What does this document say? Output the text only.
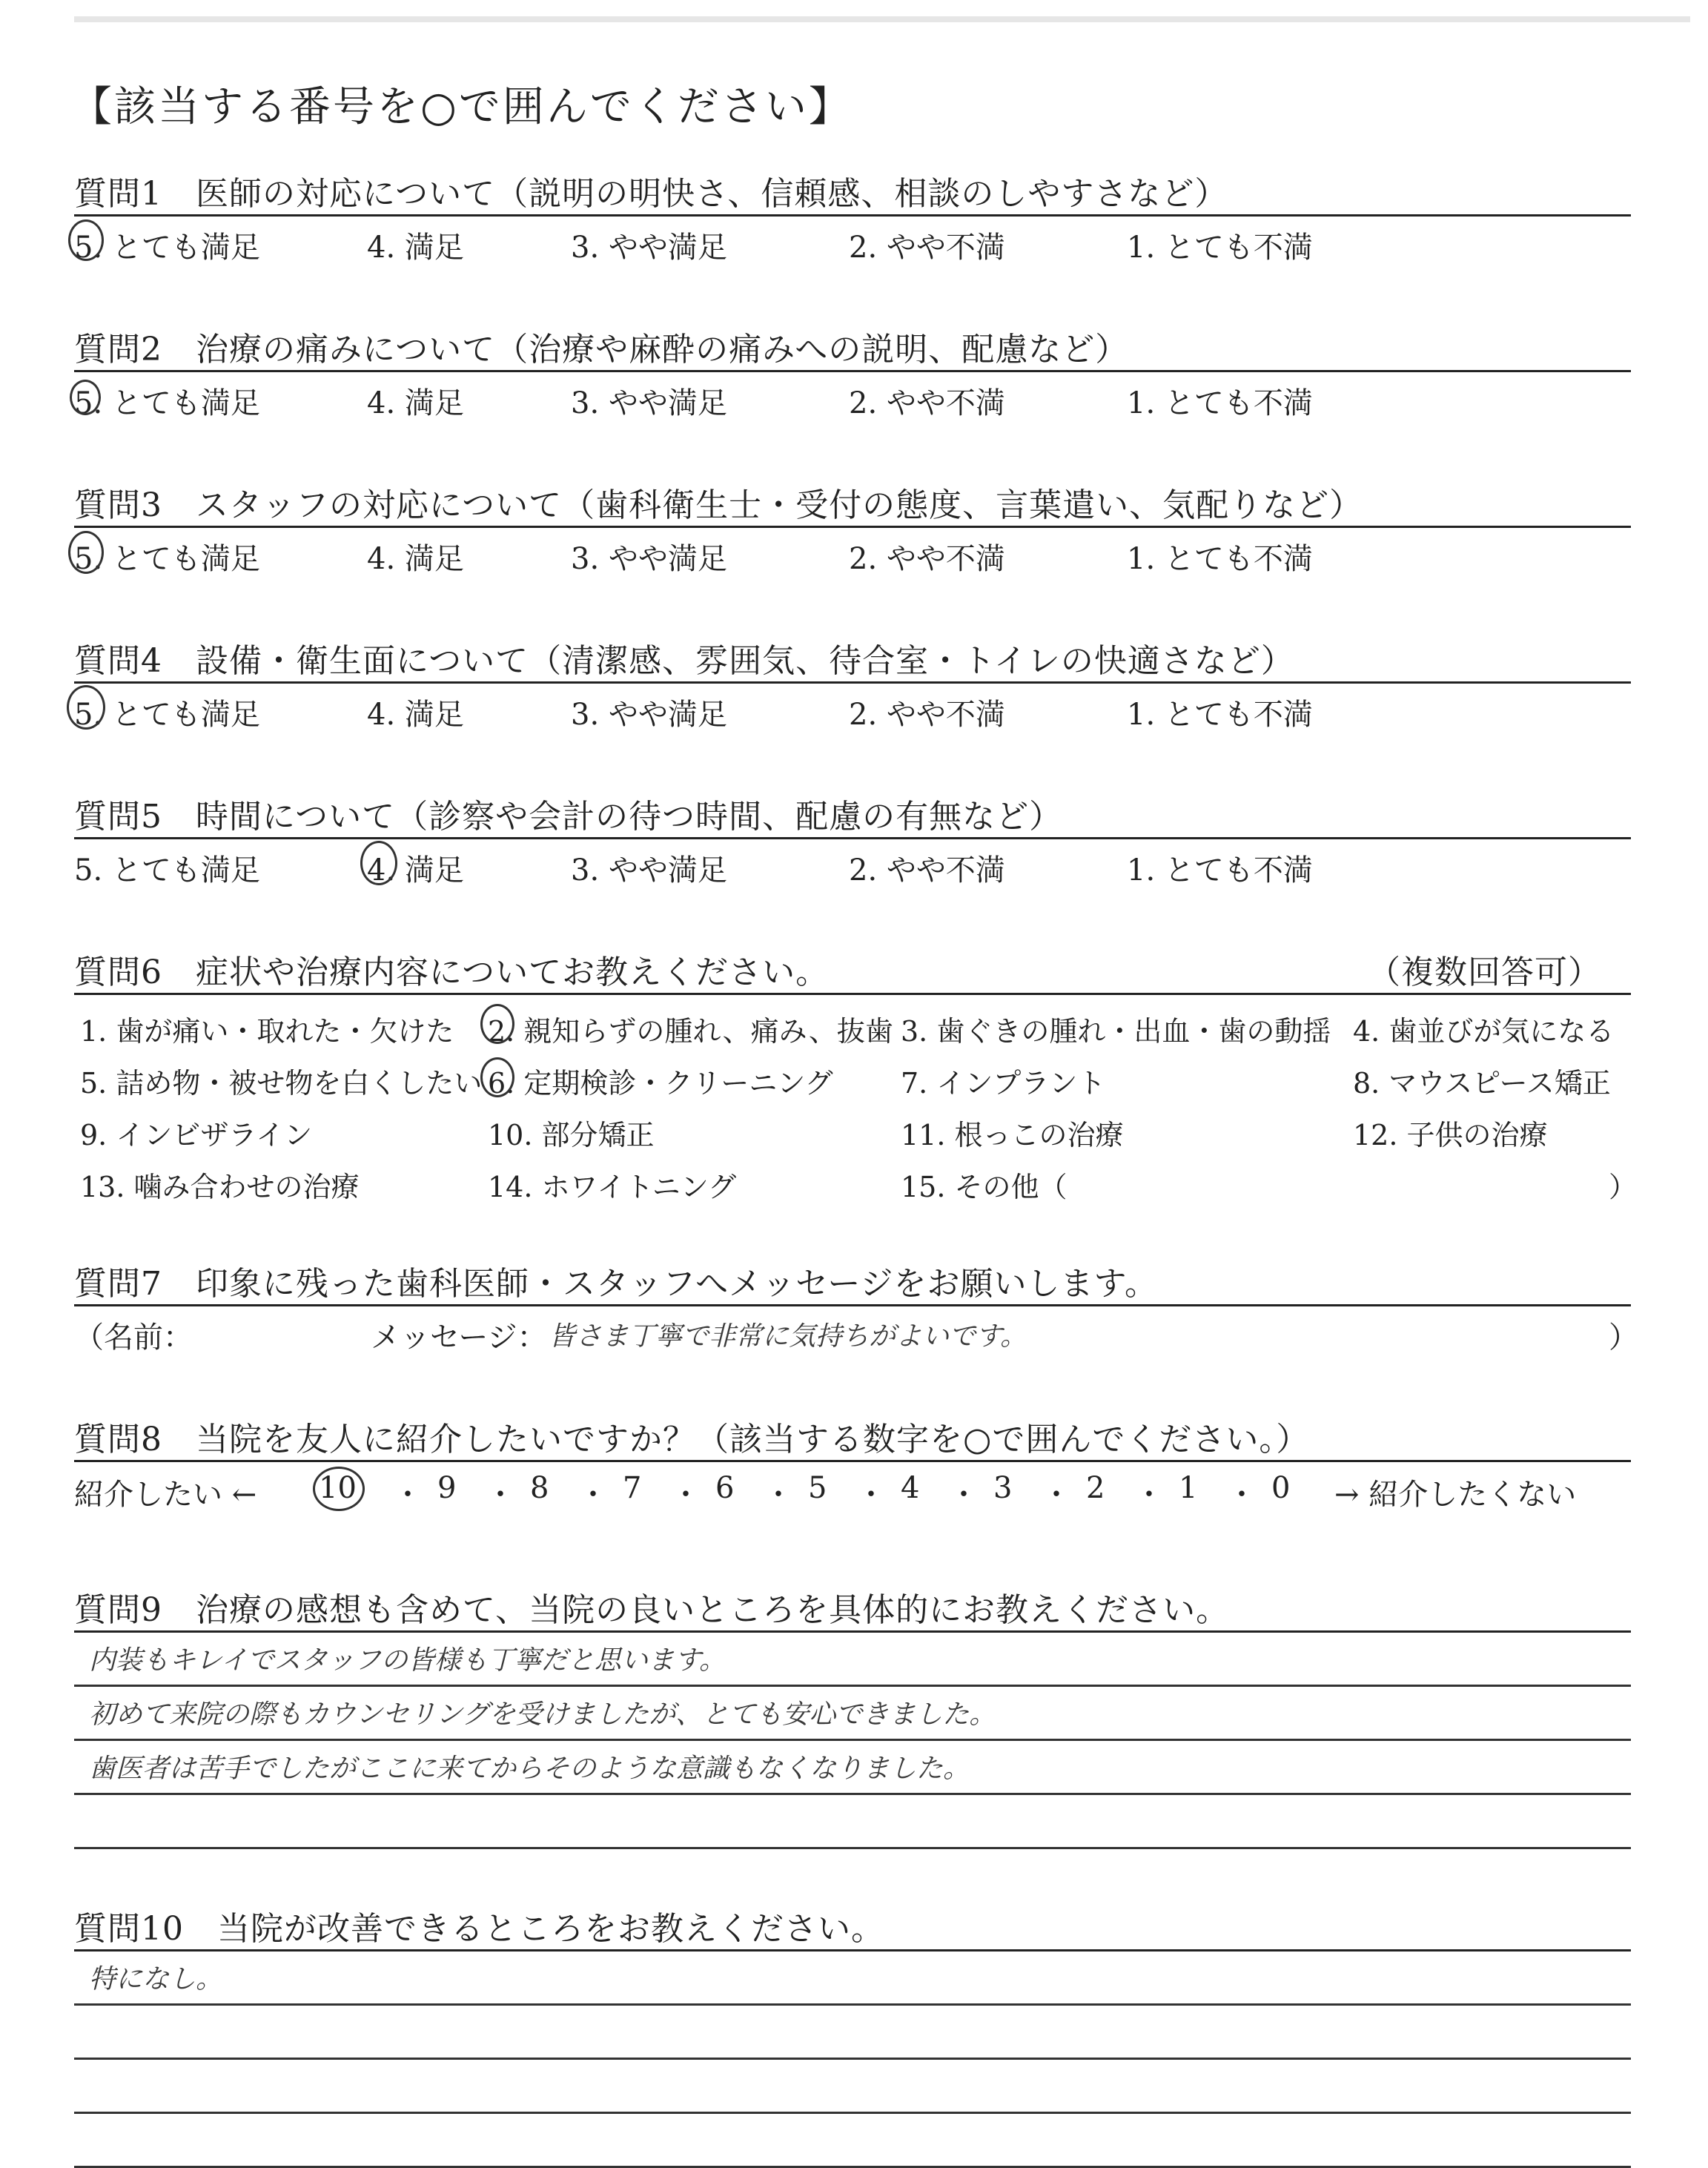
【該当する番号を○で囲んでください】
質問1　医師の対応について（説明の明快さ、信頼感、相談のしやすさなど）
5. とても満足	4. 満足	3. やや満足	2. やや不満	1. とても不満
質問2　治療の痛みについて（治療や麻酔の痛みへの説明、配慮など）
5. とても満足	4. 満足	3. やや満足	2. やや不満	1. とても不満
質問3　スタッフの対応について（歯科衛生士・受付の態度、言葉遣い、気配りなど）
5. とても満足	4. 満足	3. やや満足	2. やや不満	1. とても不満
質問4　設備・衛生面について（清潔感、雰囲気、待合室・トイレの快適さなど）
5. とても満足	4. 満足	3. やや満足	2. やや不満	1. とても不満
質問5　時間について（診察や会計の待つ時間、配慮の有無など）
5. とても満足	4. 満足	3. やや満足	2. やや不満	1. とても不満
質問6　症状や治療内容についてお教えください。	（複数回答可）
1. 歯が痛い・取れた・欠けた 2. 親知らずの腫れ、痛み、抜歯 3. 歯ぐきの腫れ・出血・歯の動揺 4. 歯並びが気になる
5. 詰め物・被せ物を白くしたい 6. 定期検診・クリーニング 7. インプラント	8. マウスピース矯正
9. インビザライン	10. 部分矯正	11. 根っこの治療	12. 子供の治療
13. 噛み合わせの治療	14. ホワイトニング	15. その他（	）
質問7　印象に残った歯科医師・スタッフへメッセージをお願いします。
（名前：	メッセージ： 皆さま丁寧で非常に気持ちがよいです。	）
質問8　当院を友人に紹介したいですか？（該当する数字を○で囲んでください。）
紹介したい ← 10 ・ 9 ・ 8 ・ 7 ・ 6 ・ 5 ・ 4 ・ 3 ・ 2 ・ 1 ・ 0 → 紹介したくない
質問9　治療の感想も含めて、当院の良いところを具体的にお教えください。
内装もキレイでスタッフの皆様も丁寧だと思います。
初めて来院の際もカウンセリングを受けましたが、とても安心できました。
歯医者は苦手でしたがここに来てからそのような意識もなくなりました。
質問10　当院が改善できるところをお教えください。
特になし。
